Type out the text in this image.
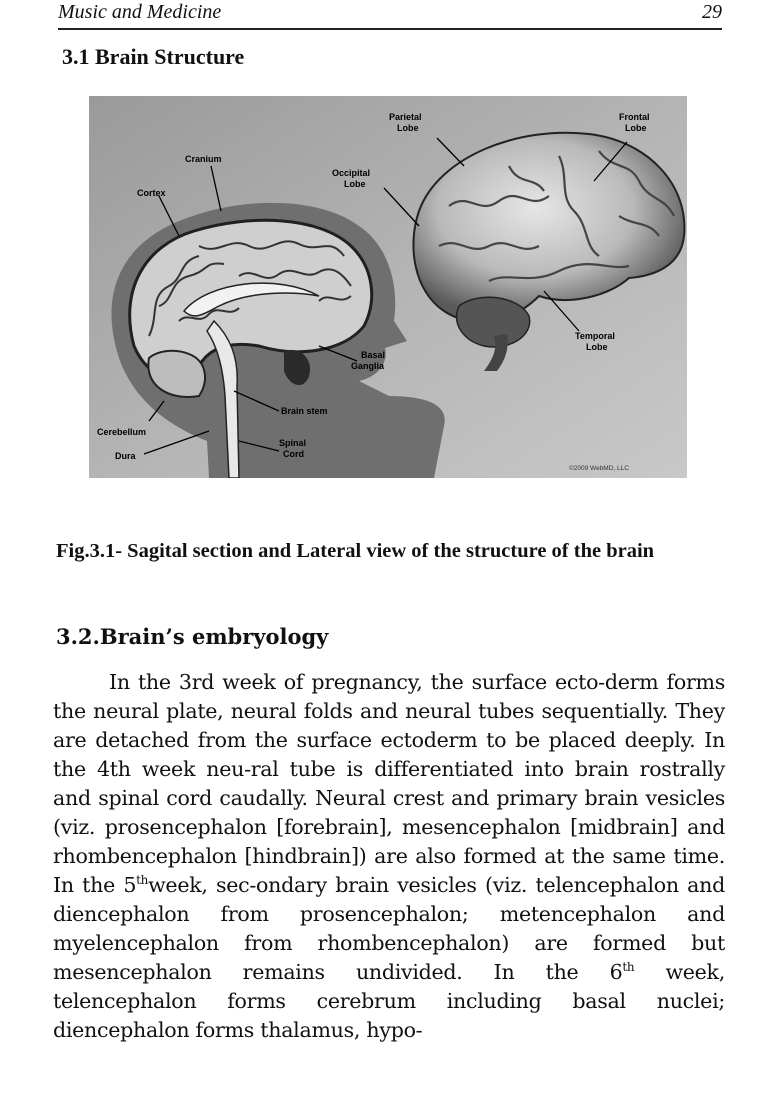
Music and Medicine	29
3.1 Brain Structure
Parietal Lobe
Frontal Lobe
Cranium
Occipital Lobe
Cortex
Basal Ganglia
Temporal Lobe
Brain stem
Cerebellum
Spinal Cord
Dura
©2009 WebMD, LLC
Fig.3.1- Sagital section and Lateral view of the structure of the brain
3.2.Brain’s embryology

In the 3rd week of pregnancy, the surface ecto-derm forms the neural plate, neural folds and neural tubes sequentially. They are detached from the surface ectoderm to be placed deeply. In the 4th week neu-ral tube is differentiated into brain rostrally and spinal cord caudally. Neural crest and primary brain vesicles (viz. prosencephalon [forebrain], mesencephalon [midbrain] and rhombencephalon [hindbrain]) are also formed at the same time. In the 5thweek, sec-ondary brain vesicles (viz. telencephalon and diencephalon from prosencephalon; metencephalon and myelencephalon from rhombencephalon) are formed but mesencephalon remains undivided. In the 6th week, telencephalon forms cerebrum including basal nuclei; diencephalon forms thalamus, hypo-
